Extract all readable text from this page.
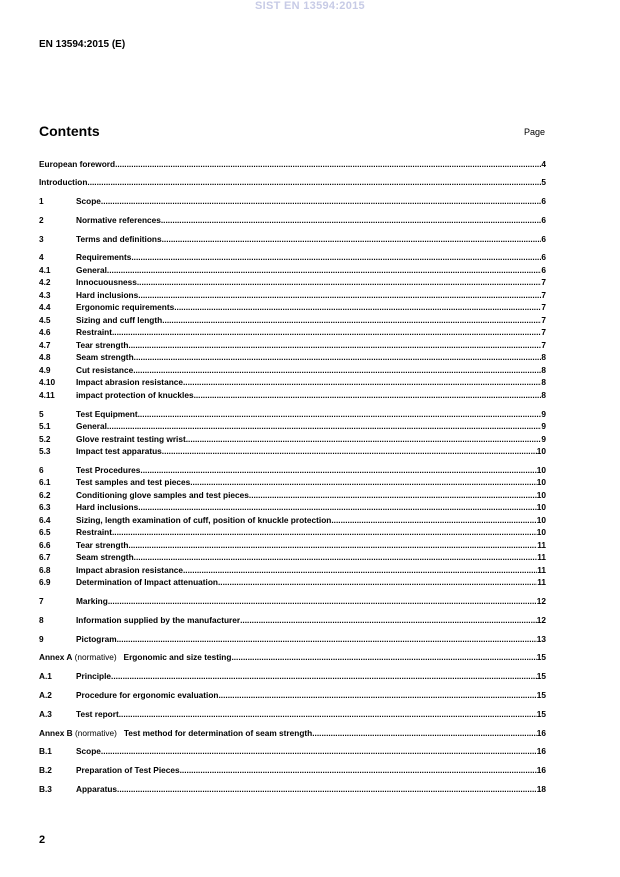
SIST EN 13594:2015
EN 13594:2015 (E)
Contents	Page
European foreword .....	4
Introduction .....	5
1	Scope .....	6
2	Normative references .....	6
3	Terms and definitions .....	6
4	Requirements .....	6
4.1	General .....	6
4.2	Innocuousness .....	7
4.3	Hard inclusions .....	7
4.4	Ergonomic requirements .....	7
4.5	Sizing and cuff length .....	7
4.6	Restraint .....	7
4.7	Tear strength .....	7
4.8	Seam strength .....	8
4.9	Cut resistance .....	8
4.10	Impact abrasion resistance .....	8
4.11	impact protection of knuckles .....	8
5	Test Equipment .....	9
5.1	General .....	9
5.2	Glove restraint testing wrist .....	9
5.3	Impact test apparatus .....	10
6	Test Procedures .....	10
6.1	Test samples and test pieces .....	10
6.2	Conditioning glove samples and test pieces .....	10
6.3	Hard inclusions .....	10
6.4	Sizing, length examination of cuff, position of knuckle protection .....	10
6.5	Restraint .....	10
6.6	Tear strength .....	11
6.7	Seam strength .....	11
6.8	Impact abrasion resistance .....	11
6.9	Determination of Impact attenuation .....	11
7	Marking .....	12
8	Information supplied by the manufacturer .....	12
9	Pictogram .....	13
Annex A (normative)   Ergonomic and size testing .....	15
A.1	Principle .....	15
A.2	Procedure for ergonomic evaluation .....	15
A.3	Test report .....	15
Annex B (normative)   Test method for determination of seam strength .....	16
B.1	Scope .....	16
B.2	Preparation of Test Pieces .....	16
B.3	Apparatus .....	18
2
